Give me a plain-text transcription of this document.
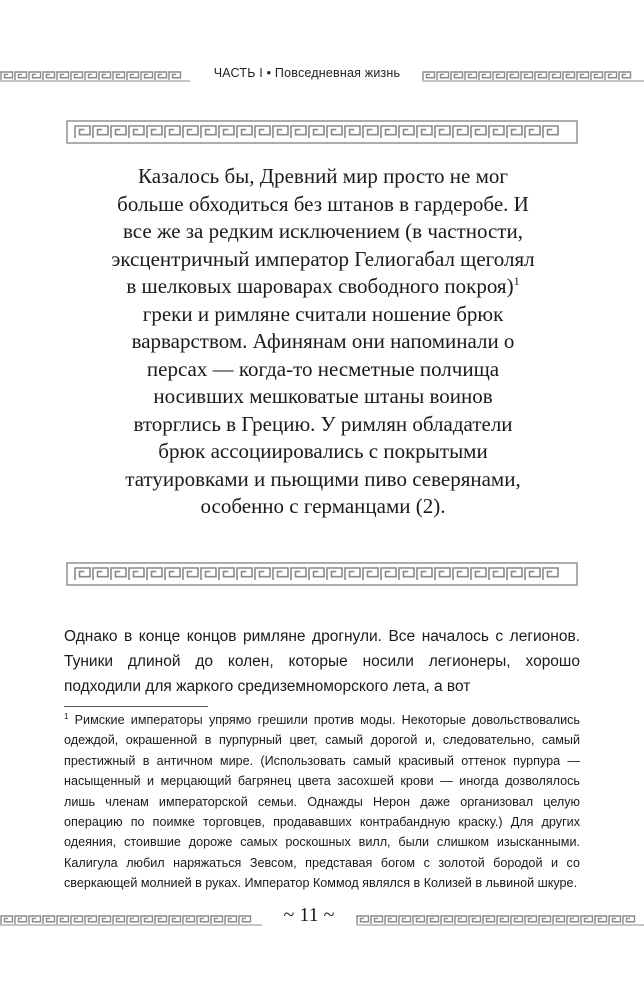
ЧАСТЬ I • Повседневная жизнь
Казалось бы, Древний мир просто не мог больше обходиться без штанов в гардеробе. И все же за редким исключением (в частности, эксцентричный император Гелиогабал щеголял в шелковых шароварах свободного покроя)$^1$ греки и римляне считали ношение брюк варварством. Афинянам они напоминали о персах — когда-то несметные полчища носивших мешковатые штаны воинов вторглись в Грецию. У римлян обладатели брюк ассоциировались с покрытыми татуировками и пьющими пиво северянами, особенно с германцами (2).
Однако в конце концов римляне дрогнули. Все началось с легионов. Туники длиной до колен, которые носили легионеры, хорошо подходили для жаркого средиземноморского лета, а вот
$^1$ Римские императоры упрямо грешили против моды. Некоторые довольствовались одеждой, окрашенной в пурпурный цвет, самый дорогой и, следовательно, самый престижный в античном мире. (Использовать самый красивый оттенок пурпура — насыщенный и мерцающий багрянец цвета засохшей крови — иногда дозволялось лишь членам императорской семьи. Однажды Нерон даже организовал целую операцию по поимке торговцев, продававших контрабандную краску.) Для других одеяния, стоившие дороже самых роскошных вилл, были слишком изысканными. Калигула любил наряжаться Зевсом, представая богом с золотой бородой и со сверкающей молнией в руках. Император Коммод являлся в Колизей в львиной шкуре.
~ 11 ~
